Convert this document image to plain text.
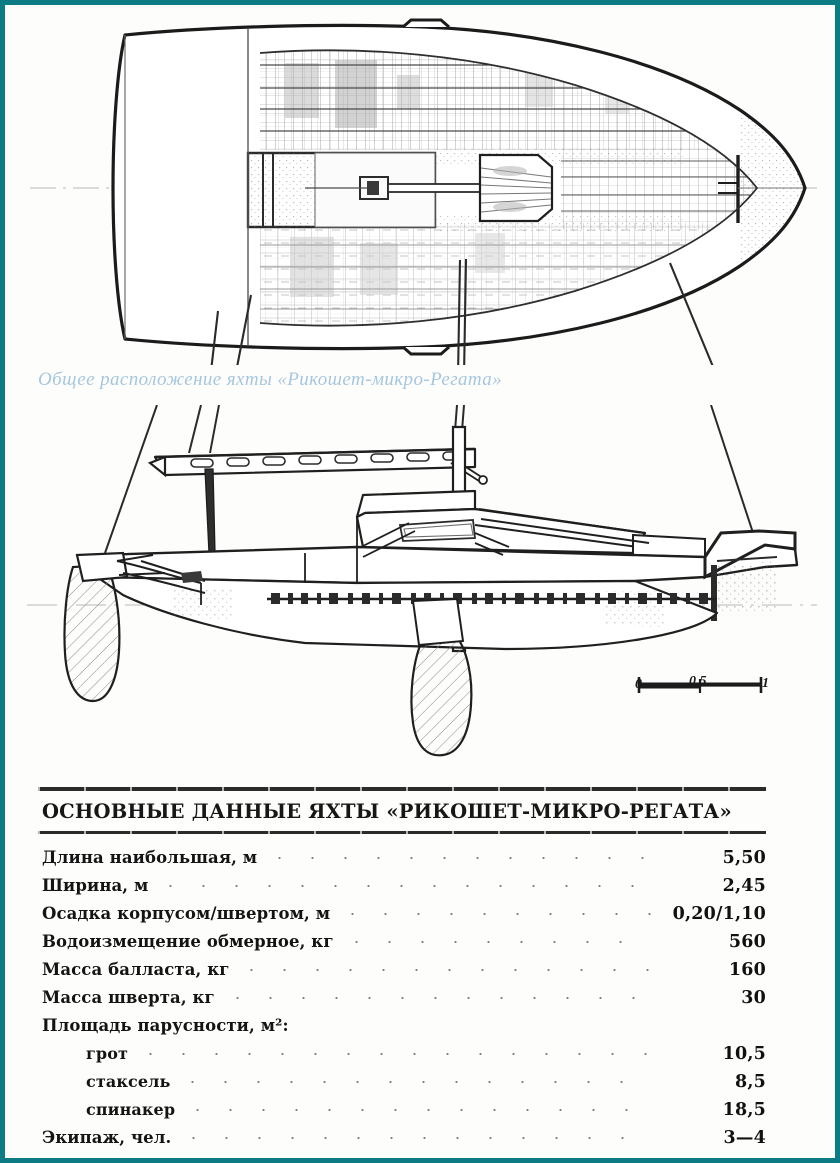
Общее расположение яхты «Рикошет-микро-Регата»
0	0,5	1
ОСНОВНЫЕ ДАННЫЕ ЯХТЫ «РИКОШЕТ-МИКРО-РЕГАТА»
Длина наибольшая, м	5,50
Ширина, м	2,45
Осадка корпусом/швертом, м	0,20/1,10
Водоизмещение обмерное, кг	560
Масса балласта, кг	160
Масса шверта, кг	30
Площадь парусности, м²:
грот	10,5
стаксель	8,5
спинакер	18,5
Экипаж, чел.	3—4
